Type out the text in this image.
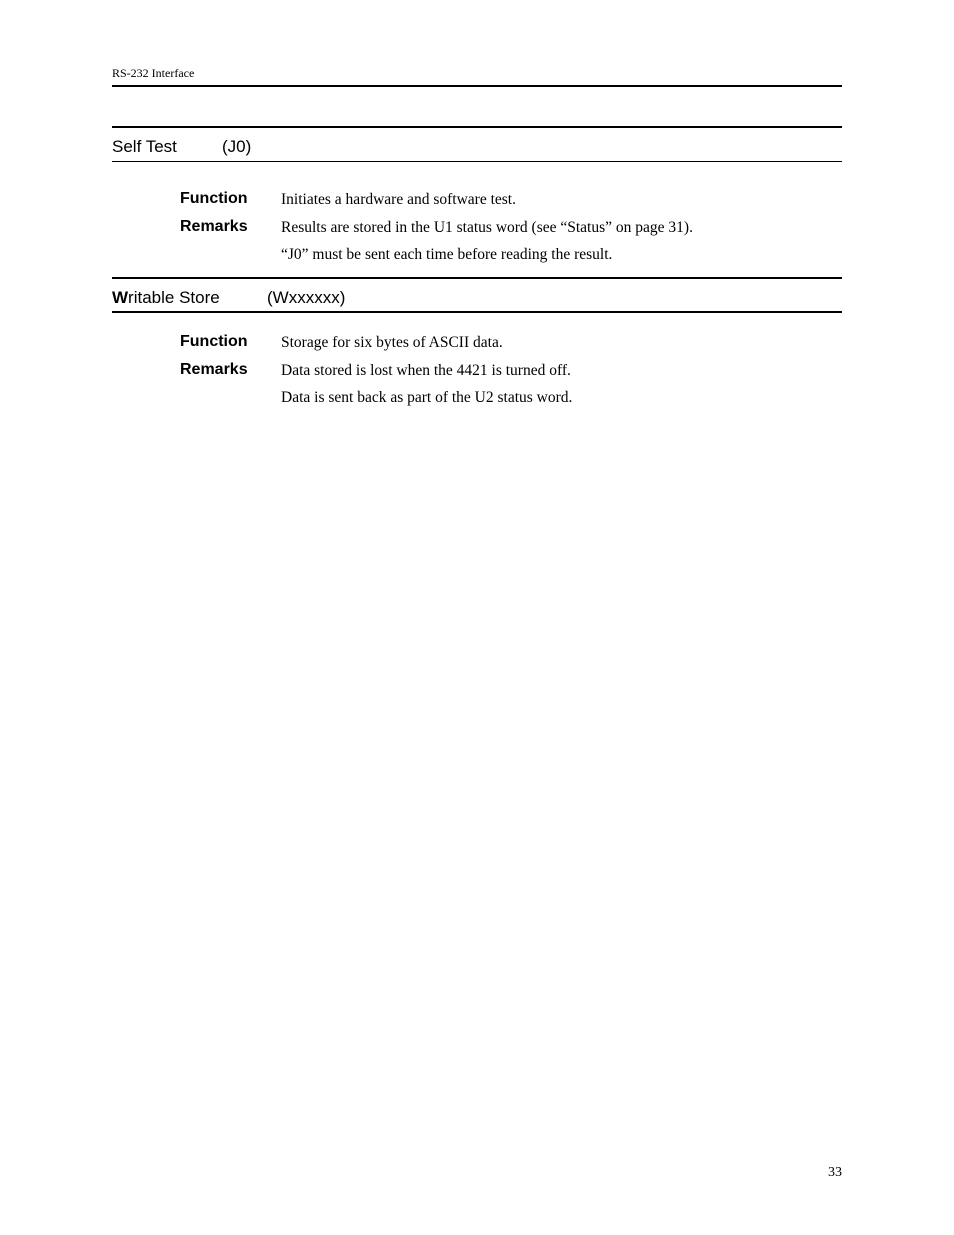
RS-232 Interface
Self Test	(J0)
Function Initiates a hardware and software test.
Remarks Results are stored in the U1 status word (see “Status” on page 31).
“J0” must be sent each time before reading the result.
Writable Store	(Wxxxxxx)
Function Storage for six bytes of ASCII data.
Remarks Data stored is lost when the 4421 is turned off.
Data is sent back as part of the U2 status word.
33
